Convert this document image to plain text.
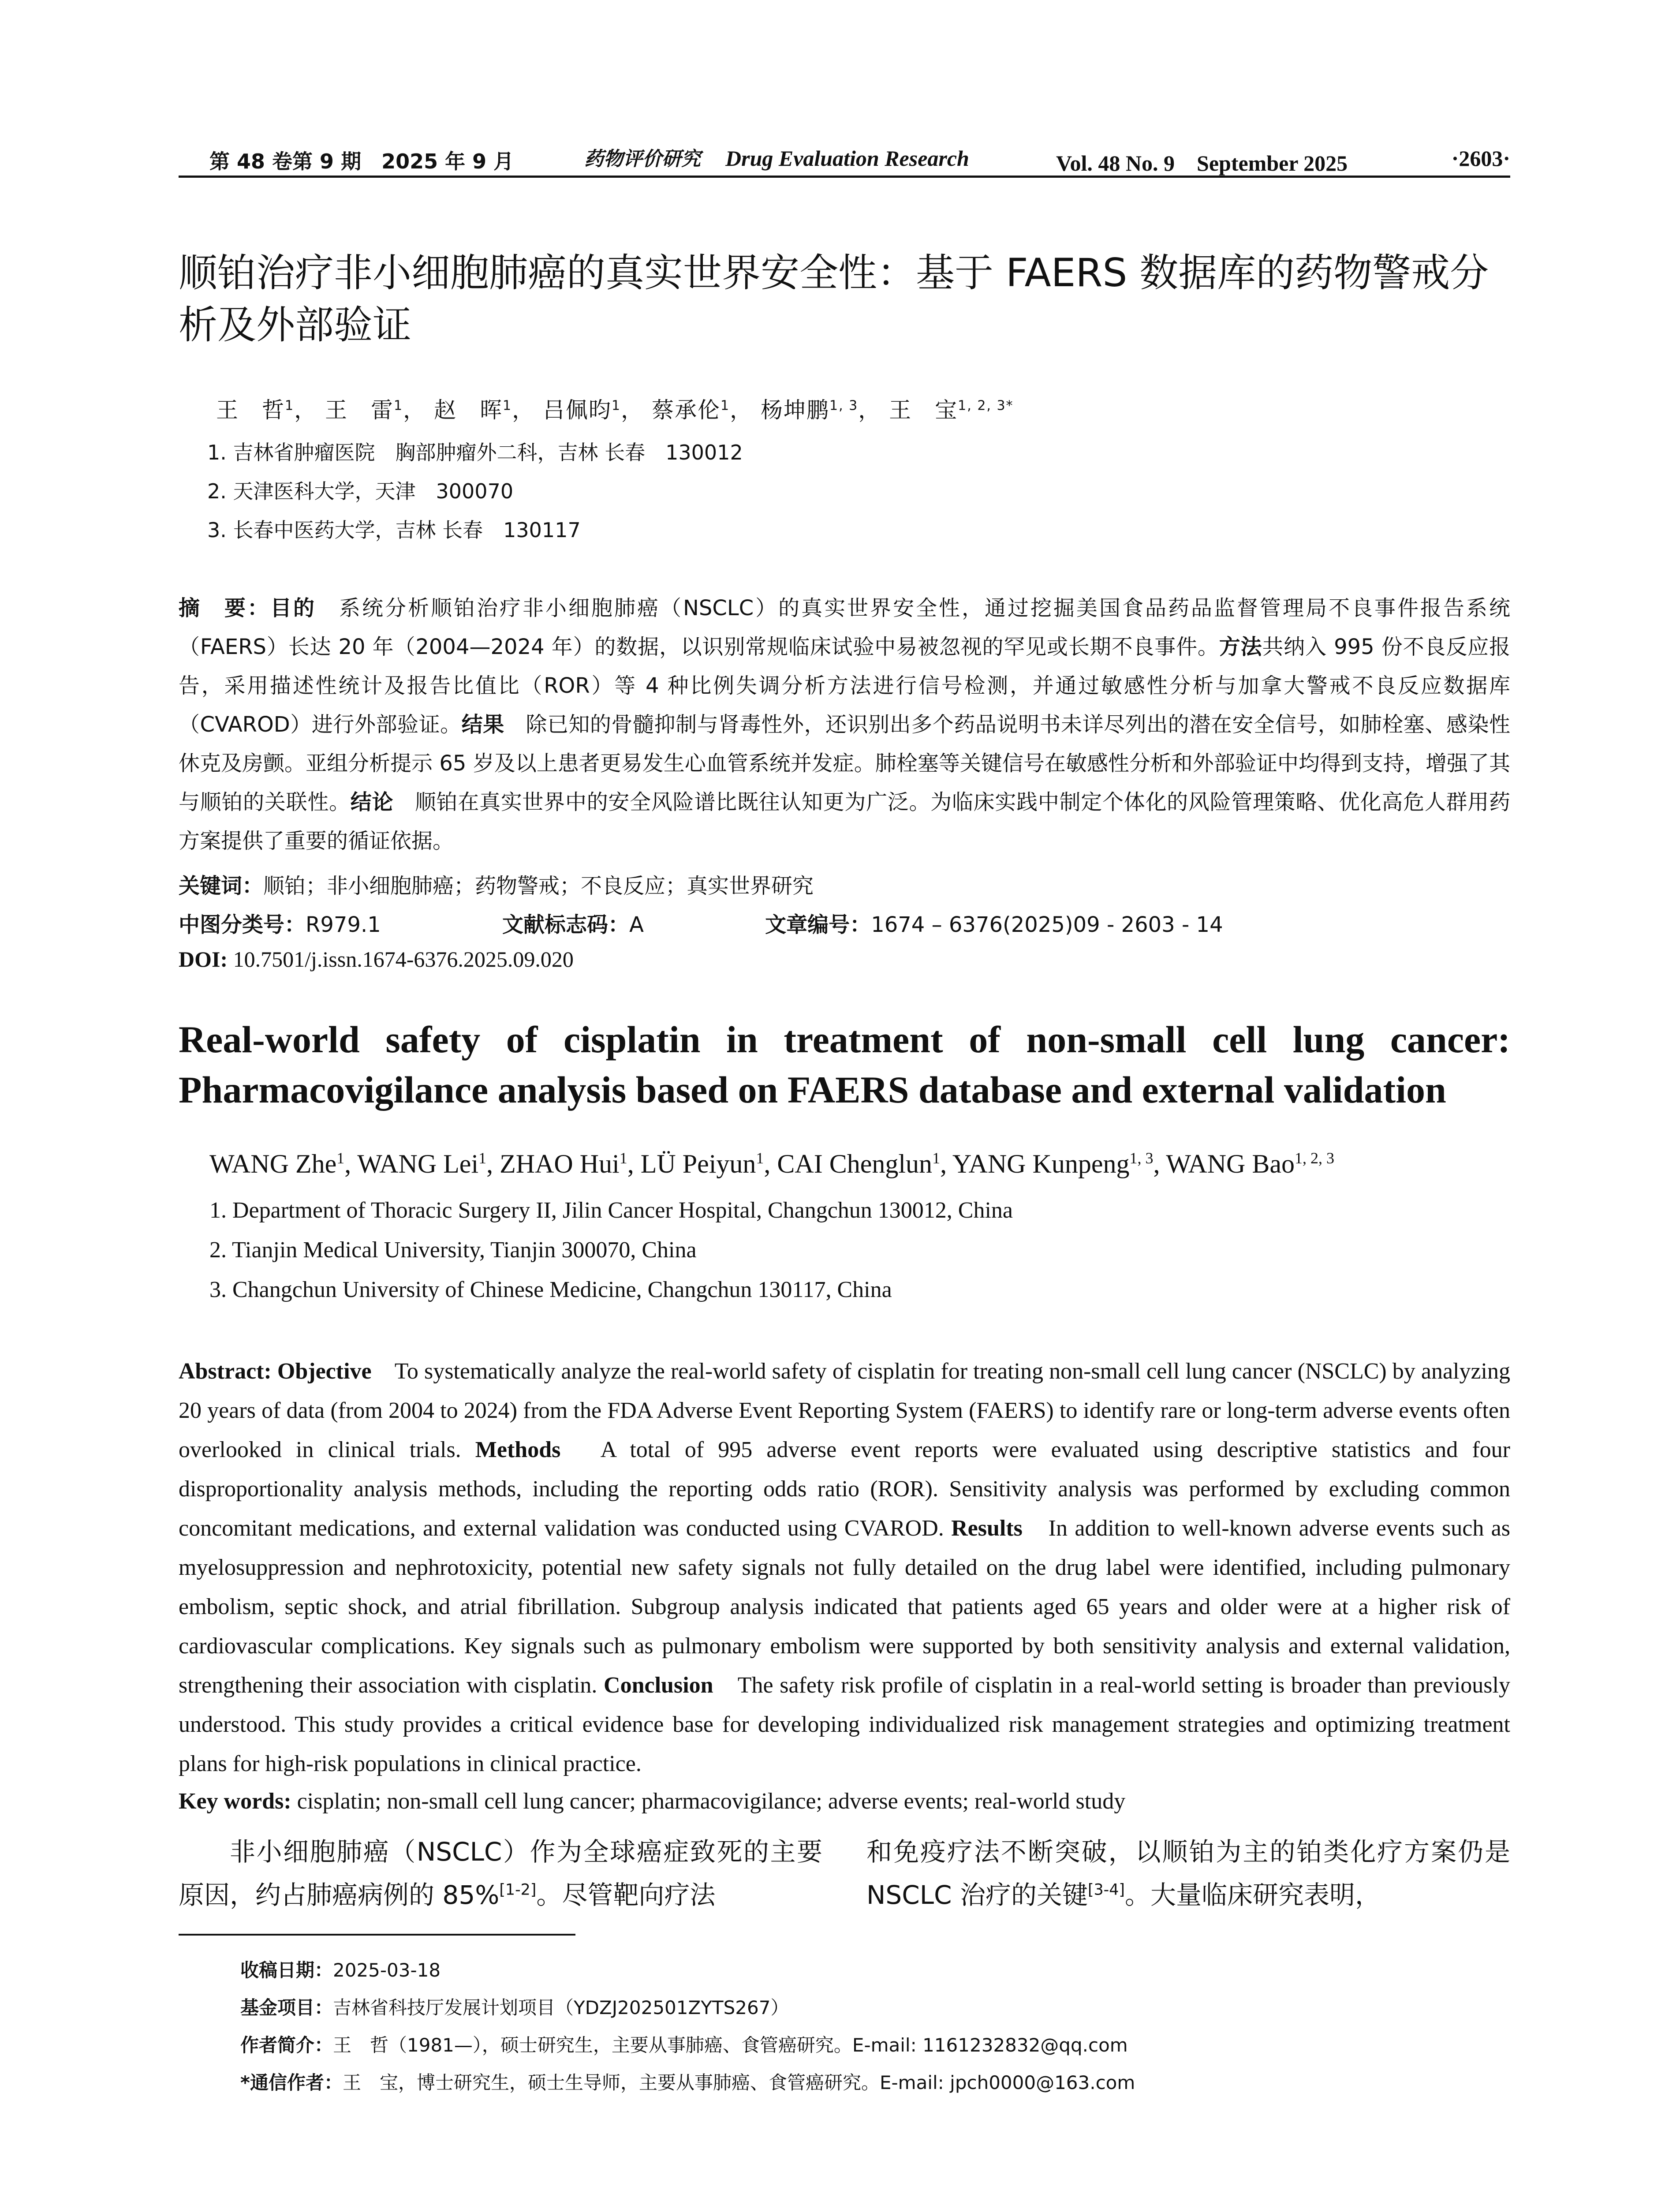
第 48 卷第 9 期　2025 年 9 月	药物评价研究 Drug Evaluation Research	Vol. 48 No. 9　September 2025	·2603·
顺铂治疗非小细胞肺癌的真实世界安全性：基于 FAERS 数据库的药物警戒分析及外部验证
王　哲$^1$， 王　雷$^1$， 赵　晖$^1$， 吕佩昀$^1$， 蔡承伦$^1$， 杨坤鹏$^{1, 3}$， 王　宝$^{1, 2, 3*}$
1. 吉林省肿瘤医院　胸部肿瘤外二科，吉林 长春　130012
2. 天津医科大学，天津　300070
3. 长春中医药大学，吉林 长春　130117
摘　要：目的　 系统分析顺铂治疗非小细胞肺癌（NSCLC）的真实世界安全性，通过挖掘美国食品药品监督管理局不良事件报告系统（FAERS）长达 20 年（2004—2024 年）的数据，以识别常规临床试验中易被忽视的罕见或长期不良事件。方法共纳入 995 份不良反应报告，采用描述性统计及报告比值比（ROR）等 4 种比例失调分析方法进行信号检测，并通过敏感性分析与加拿大警戒不良反应数据库（CVAROD）进行外部验证。结果　 除已知的骨髓抑制与肾毒性外，还识别出多个药品说明书未详尽列出的潜在安全信号，如肺栓塞、感染性休克及房颤。亚组分析提示 65 岁及以上患者更易发生心血管系统并发症。肺栓塞等关键信号在敏感性分析和外部验证中均得到支持，增强了其与顺铂的关联性。结论　 顺铂在真实世界中的安全风险谱比既往认知更为广泛。为临床实践中制定个体化的风险管理策略、优化高危人群用药方案提供了重要的循证依据。
关键词：顺铂；非小细胞肺癌；药物警戒；不良反应；真实世界研究
中图分类号：R979.1	文献标志码：A	文章编号：1674 – 6376(2025)09 - 2603 - 14
DOI: 10.7501/j.issn.1674-6376.2025.09.020
Real-world safety of cisplatin in treatment of non-small cell lung cancer: Pharmacovigilance analysis based on FAERS database and external validation
WANG Zhe$^1$, WANG Lei$^1$, ZHAO Hui$^1$, LÜ Peiyun$^1$, CAI Chenglun$^1$, YANG Kunpeng$^{1, 3}$, WANG Bao$^{1, 2, 3}$
1. Department of Thoracic Surgery II, Jilin Cancer Hospital, Changchun 130012, China
2. Tianjin Medical University, Tianjin 300070, China
3. Changchun University of Chinese Medicine, Changchun 130117, China
Abstract: Objective　 To systematically analyze the real-world safety of cisplatin for treating non-small cell lung cancer (NSCLC) by analyzing 20 years of data (from 2004 to 2024) from the FDA Adverse Event Reporting System (FAERS) to identify rare or long-term adverse events often overlooked in clinical trials. Methods　 A total of 995 adverse event reports were evaluated using descriptive statistics and four disproportionality analysis methods, including the reporting odds ratio (ROR). Sensitivity analysis was performed by excluding common concomitant medications, and external validation was conducted using CVAROD. Results　 In addition to well-known adverse events such as myelosuppression and nephrotoxicity, potential new safety signals not fully detailed on the drug label were identified, including pulmonary embolism, septic shock, and atrial fibrillation. Subgroup analysis indicated that patients aged 65 years and older were at a higher risk of cardiovascular complications. Key signals such as pulmonary embolism were supported by both sensitivity analysis and external validation, strengthening their association with cisplatin. Conclusion　 The safety risk profile of cisplatin in a real-world setting is broader than previously understood. This study provides a critical evidence base for developing individualized risk management strategies and optimizing treatment plans for high-risk populations in clinical practice.
Key words: cisplatin; non-small cell lung cancer; pharmacovigilance; adverse events; real-world study
非小细胞肺癌（NSCLC）作为全球癌症致死的主要原因，约占肺癌病例的 85%[1-2]。尽管靶向疗法
和免疫疗法不断突破，以顺铂为主的铂类化疗方案仍是 NSCLC 治疗的关键[3-4]。大量临床研究表明，
收稿日期：2025-03-18
基金项目：吉林省科技厅发展计划项目（YDZJ202501ZYTS267）
作者简介：王　哲（1981—），硕士研究生，主要从事肺癌、食管癌研究。E-mail: 1161232832@qq.com
*通信作者：王　宝，博士研究生，硕士生导师，主要从事肺癌、食管癌研究。E-mail: jpch0000@163.com
